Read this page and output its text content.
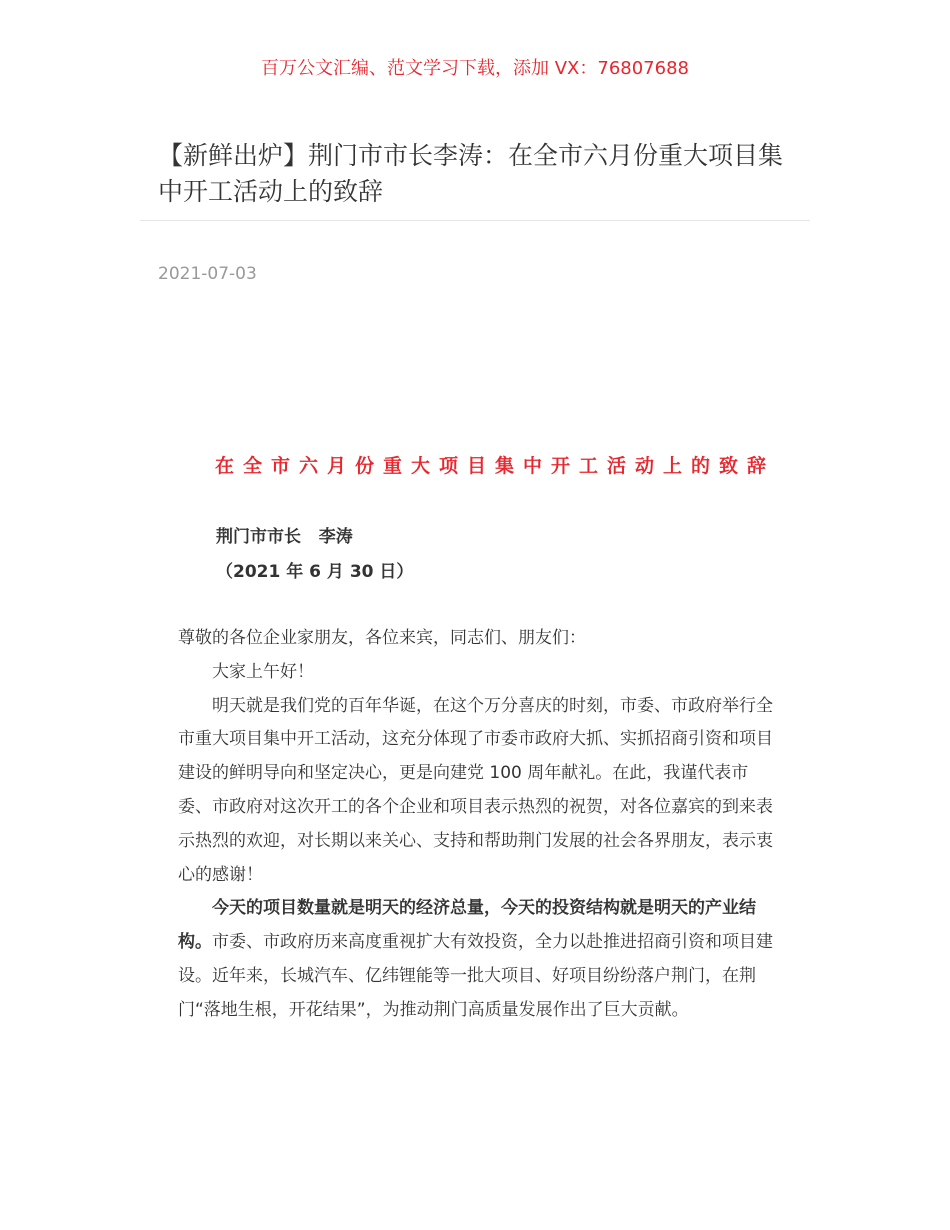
百万公文汇编、范文学习下载，添加 VX：76807688
【新鲜出炉】荆门市市长李涛：在全市六月份重大项目集中开工活动上的致辞
2021-07-03
在全市六月份重大项目集中开工活动上的致辞
荆门市市长   李涛
（2021 年 6 月 30 日）

尊敬的各位企业家朋友，各位来宾，同志们、朋友们：

大家上午好！

明天就是我们党的百年华诞，在这个万分喜庆的时刻，市委、市政府举行全市重大项目集中开工活动，这充分体现了市委市政府大抓、实抓招商引资和项目建设的鲜明导向和坚定决心，更是向建党 100 周年献礼。在此，我谨代表市委、市政府对这次开工的各个企业和项目表示热烈的祝贺，对各位嘉宾的到来表示热烈的欢迎，对长期以来关心、支持和帮助荆门发展的社会各界朋友，表示衷心的感谢！

今天的项目数量就是明天的经济总量，今天的投资结构就是明天的产业结构。市委、市政府历来高度重视扩大有效投资，全力以赴推进招商引资和项目建设。近年来，长城汽车、亿纬锂能等一批大项目、好项目纷纷落户荆门，在荆门“落地生根，开花结果”，为推动荆门高质量发展作出了巨大贡献。
